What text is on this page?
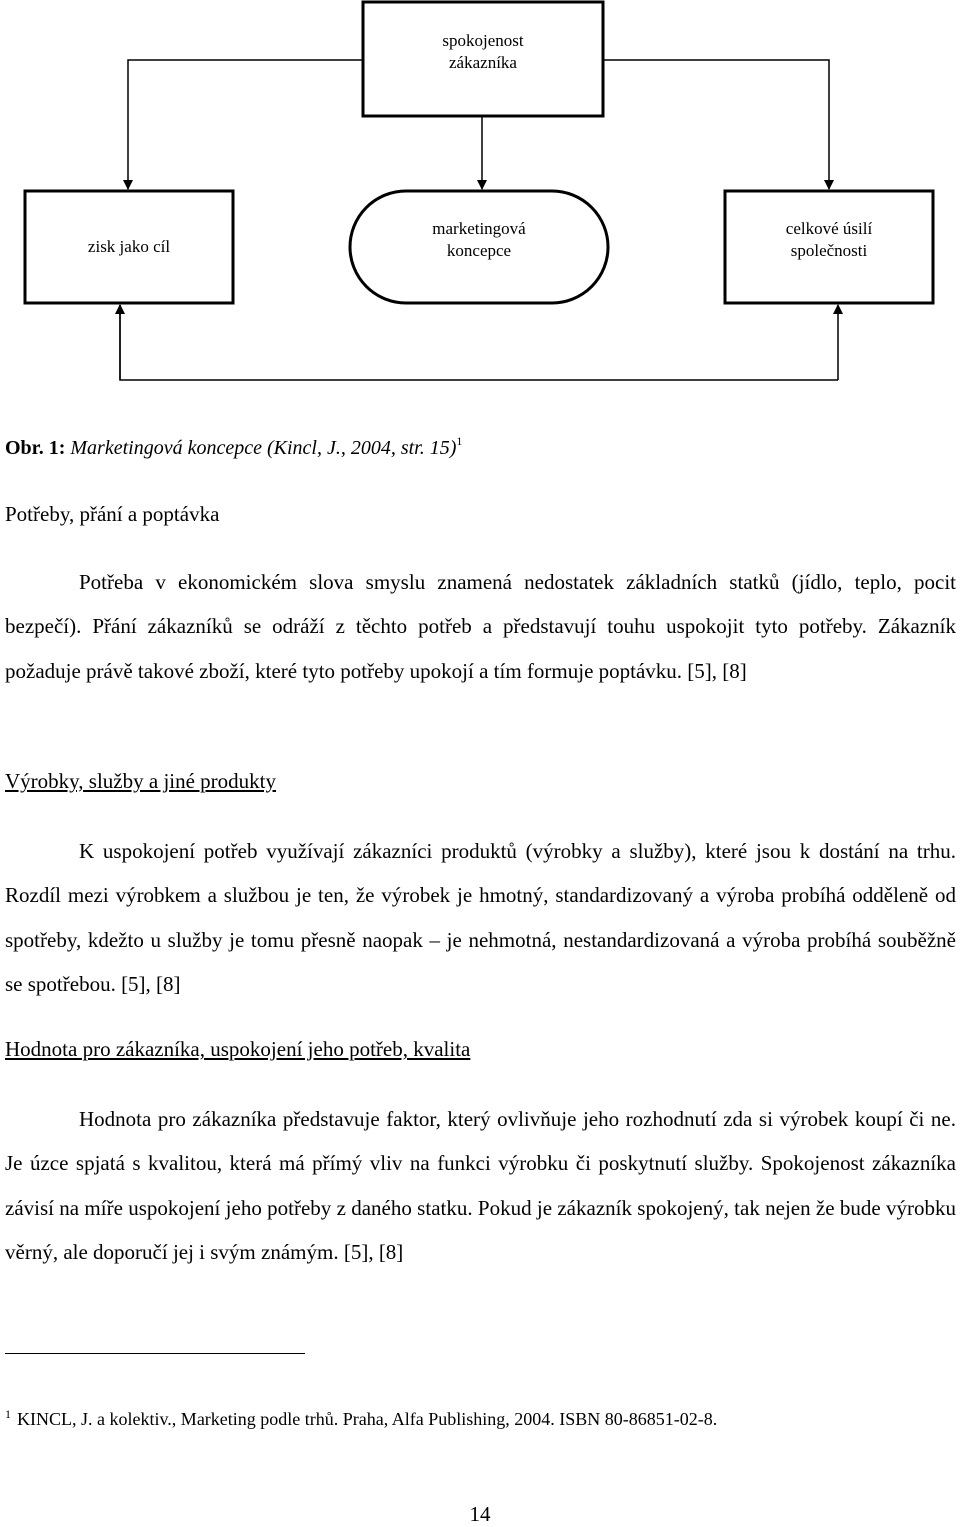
spokojenost zákazníka
zisk jako cíl
marketingová koncepce
celkové úsilí společnosti
Obr. 1: Marketingová koncepce (Kincl, J., 2004, str. 15)$^1$
Potřeby, přání a poptávka

Potřeba v ekonomickém slova smyslu znamená nedostatek základních statků (jídlo, teplo, pocit bezpečí). Přání zákazníků se odráží z těchto potřeb a představují touhu uspokojit tyto potřeby. Zákazník požaduje právě takové zboží, které tyto potřeby upokojí a tím formuje poptávku. [5], [8]

Výrobky, služby a jiné produkty

K uspokojení potřeb využívají zákazníci produktů (výrobky a služby), které jsou k dostání na trhu. Rozdíl mezi výrobkem a službou je ten, že výrobek je hmotný, standardizovaný a výroba probíhá odděleně od spotřeby, kdežto u služby je tomu přesně naopak – je nehmotná, nestandardizovaná a výroba probíhá souběžně se spotřebou. [5], [8]

Hodnota pro zákazníka, uspokojení jeho potřeb, kvalita

Hodnota pro zákazníka představuje faktor, který ovlivňuje jeho rozhodnutí zda si výrobek koupí či ne. Je úzce spjatá s kvalitou, která má přímý vliv na funkci výrobku či poskytnutí služby. Spokojenost zákazníka závisí na míře uspokojení jeho potřeby z daného statku. Pokud je zákazník spokojený, tak nejen že bude výrobku věrný, ale doporučí jej i svým známým. [5], [8]

$^1$ KINCL, J. a kolektiv., Marketing podle trhů. Praha, Alfa Publishing, 2004. ISBN 80-86851-02-8.
14
